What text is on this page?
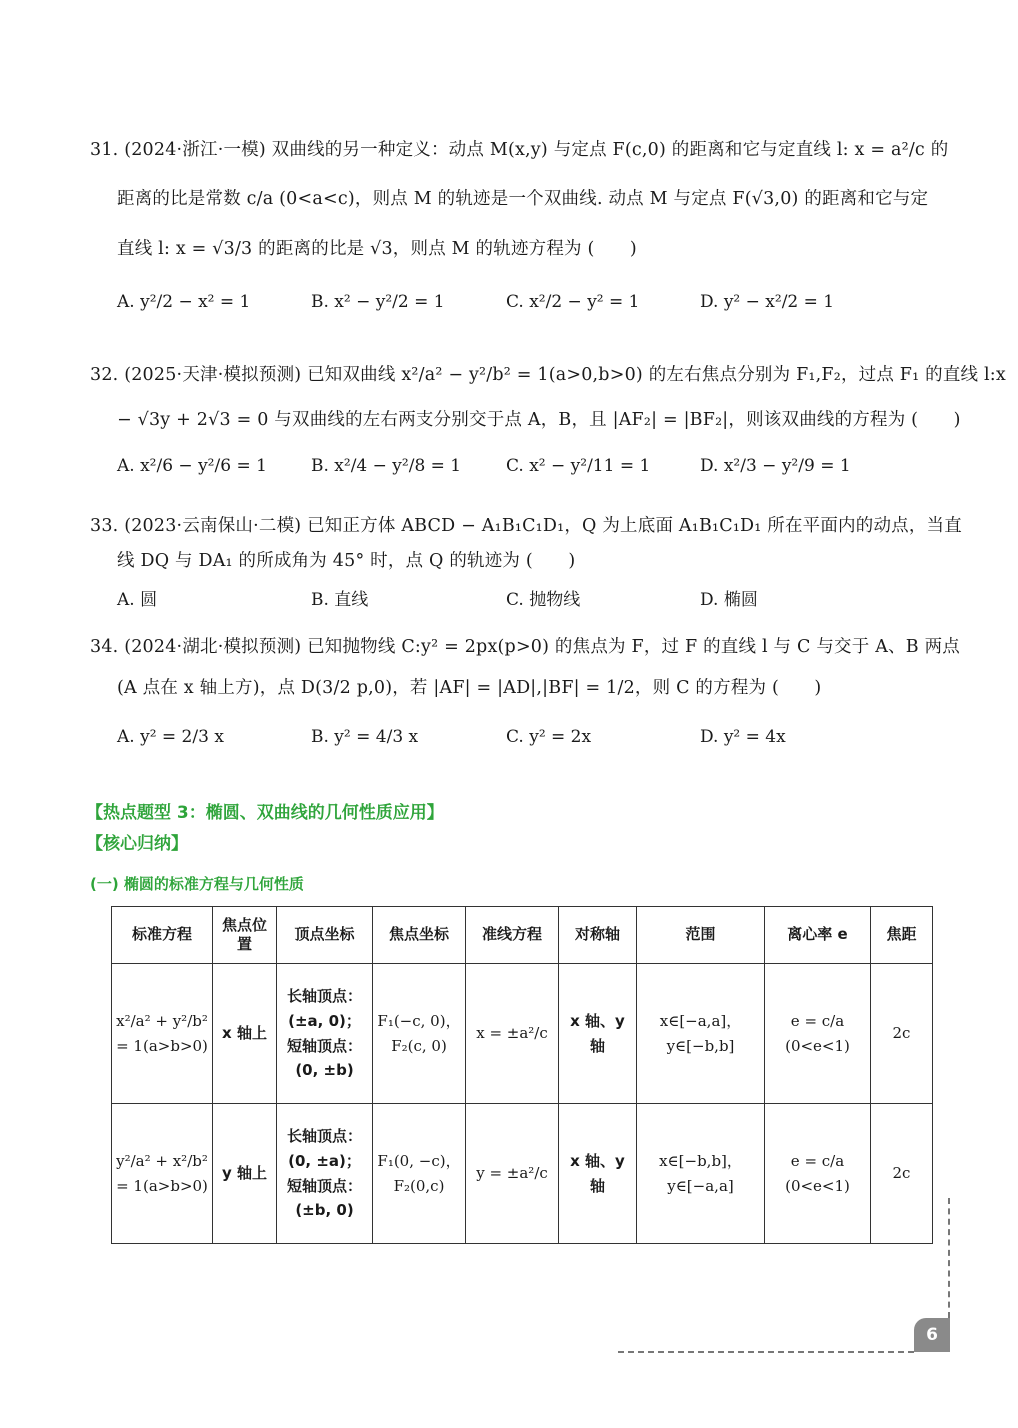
31. (2024·浙江·一模) 双曲线的另一种定义：动点 M(x,y) 与定点 F(c,0) 的距离和它与定直线 l: x = a²/c 的
距离的比是常数 c/a (0<a<c)，则点 M 的轨迹是一个双曲线. 动点 M 与定点 F(√3,0) 的距离和它与定
直线 l: x = √3/3 的距离的比是 √3，则点 M 的轨迹方程为 (　　)
A. y²/2 − x² = 1	B. x² − y²/2 = 1	C. x²/2 − y² = 1	D. y² − x²/2 = 1
32. (2025·天津·模拟预测) 已知双曲线 x²/a² − y²/b² = 1(a>0,b>0) 的左右焦点分别为 F₁,F₂，过点 F₁ 的直线 l:x
− √3y + 2√3 = 0 与双曲线的左右两支分别交于点 A，B，且 |AF₂| = |BF₂|，则该双曲线的方程为 (　　)
A. x²/6 − y²/6 = 1	B. x²/4 − y²/8 = 1	C. x² − y²/11 = 1	D. x²/3 − y²/9 = 1
33. (2023·云南保山·二模) 已知正方体 ABCD − A₁B₁C₁D₁，Q 为上底面 A₁B₁C₁D₁ 所在平面内的动点，当直
线 DQ 与 DA₁ 的所成角为 45° 时，点 Q 的轨迹为 (　　)
A. 圆	B. 直线	C. 抛物线	D. 椭圆
34. (2024·湖北·模拟预测) 已知抛物线 C:y² = 2px(p>0) 的焦点为 F，过 F 的直线 l 与 C 与交于 A、B 两点
(A 点在 x 轴上方)，点 D(3/2 p,0)，若 |AF| = |AD|,|BF| = 1/2，则 C 的方程为 (　　)
A. y² = 2/3 x	B. y² = 4/3 x	C. y² = 2x	D. y² = 4x
【热点题型 3：椭圆、双曲线的几何性质应用】
【核心归纳】
(一) 椭圆的标准方程与几何性质
标准方程	焦点位置	顶点坐标	焦点坐标	准线方程	对称轴	范围	离心率 e	焦距
x²/a² + y²/b² = 1(a>b>0)	x 轴上	长轴顶点：(±a, 0)；短轴顶点：(0, ±b)	F₁(−c, 0)，F₂(c, 0)	x = ±a²/c	x 轴、y 轴	x∈[−a,a]，y∈[−b,b]	e = c/a (0<e<1)	2c
y²/a² + x²/b² = 1(a>b>0)	y 轴上	长轴顶点：(0, ±a)；短轴顶点：(±b, 0)	F₁(0, −c)，F₂(0,c)	y = ±a²/c	x 轴、y 轴	x∈[−b,b]，y∈[−a,a]	e = c/a (0<e<1)	2c
6
